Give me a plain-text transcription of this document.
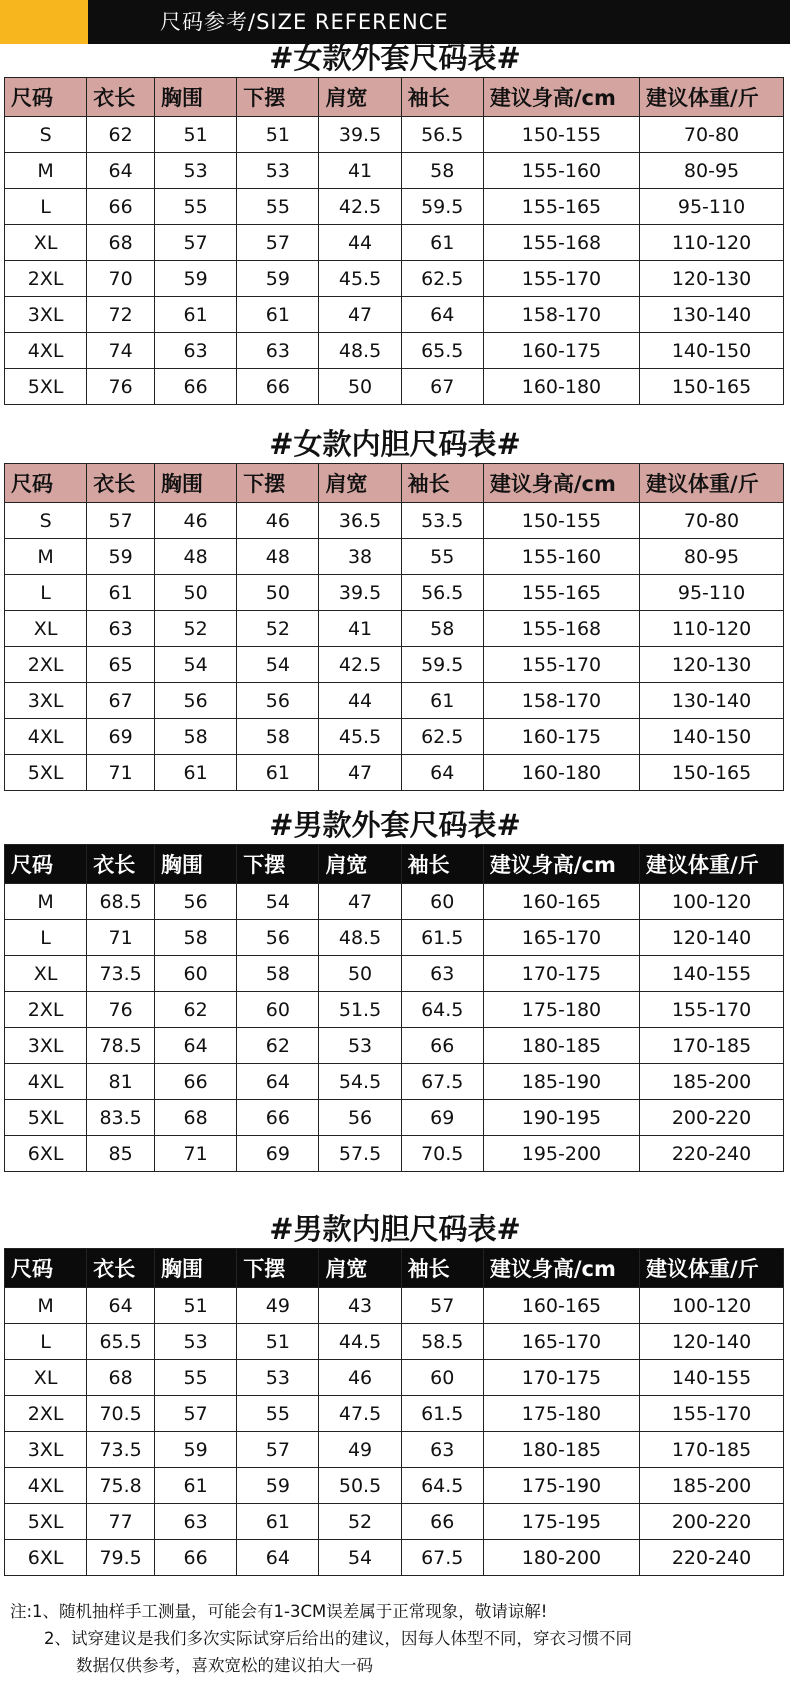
尺码参考/SIZE REFERENCE
#女款外套尺码表#
尺码	衣长	胸围	下摆	肩宽	袖长	建议身高/cm	建议体重/斤
S	62	51	51	39.5	56.5	150-155	70-80
M	64	53	53	41	58	155-160	80-95
L	66	55	55	42.5	59.5	155-165	95-110
XL	68	57	57	44	61	155-168	110-120
2XL	70	59	59	45.5	62.5	155-170	120-130
3XL	72	61	61	47	64	158-170	130-140
4XL	74	63	63	48.5	65.5	160-175	140-150
5XL	76	66	66	50	67	160-180	150-165
#女款内胆尺码表#
尺码	衣长	胸围	下摆	肩宽	袖长	建议身高/cm	建议体重/斤
S	57	46	46	36.5	53.5	150-155	70-80
M	59	48	48	38	55	155-160	80-95
L	61	50	50	39.5	56.5	155-165	95-110
XL	63	52	52	41	58	155-168	110-120
2XL	65	54	54	42.5	59.5	155-170	120-130
3XL	67	56	56	44	61	158-170	130-140
4XL	69	58	58	45.5	62.5	160-175	140-150
5XL	71	61	61	47	64	160-180	150-165
#男款外套尺码表#
尺码	衣长	胸围	下摆	肩宽	袖长	建议身高/cm	建议体重/斤
M	68.5	56	54	47	60	160-165	100-120
L	71	58	56	48.5	61.5	165-170	120-140
XL	73.5	60	58	50	63	170-175	140-155
2XL	76	62	60	51.5	64.5	175-180	155-170
3XL	78.5	64	62	53	66	180-185	170-185
4XL	81	66	64	54.5	67.5	185-190	185-200
5XL	83.5	68	66	56	69	190-195	200-220
6XL	85	71	69	57.5	70.5	195-200	220-240
#男款内胆尺码表#
尺码	衣长	胸围	下摆	肩宽	袖长	建议身高/cm	建议体重/斤
M	64	51	49	43	57	160-165	100-120
L	65.5	53	51	44.5	58.5	165-170	120-140
XL	68	55	53	46	60	170-175	140-155
2XL	70.5	57	55	47.5	61.5	175-180	155-170
3XL	73.5	59	57	49	63	180-185	170-185
4XL	75.8	61	59	50.5	64.5	175-190	185-200
5XL	77	63	61	52	66	175-195	200-220
6XL	79.5	66	64	54	67.5	180-200	220-240
注:1、随机抽样手工测量，可能会有1-3CM误差属于正常现象，敬请谅解!
2、试穿建议是我们多次实际试穿后给出的建议，因每人体型不同，穿衣习惯不同
数据仅供参考，喜欢宽松的建议拍大一码
